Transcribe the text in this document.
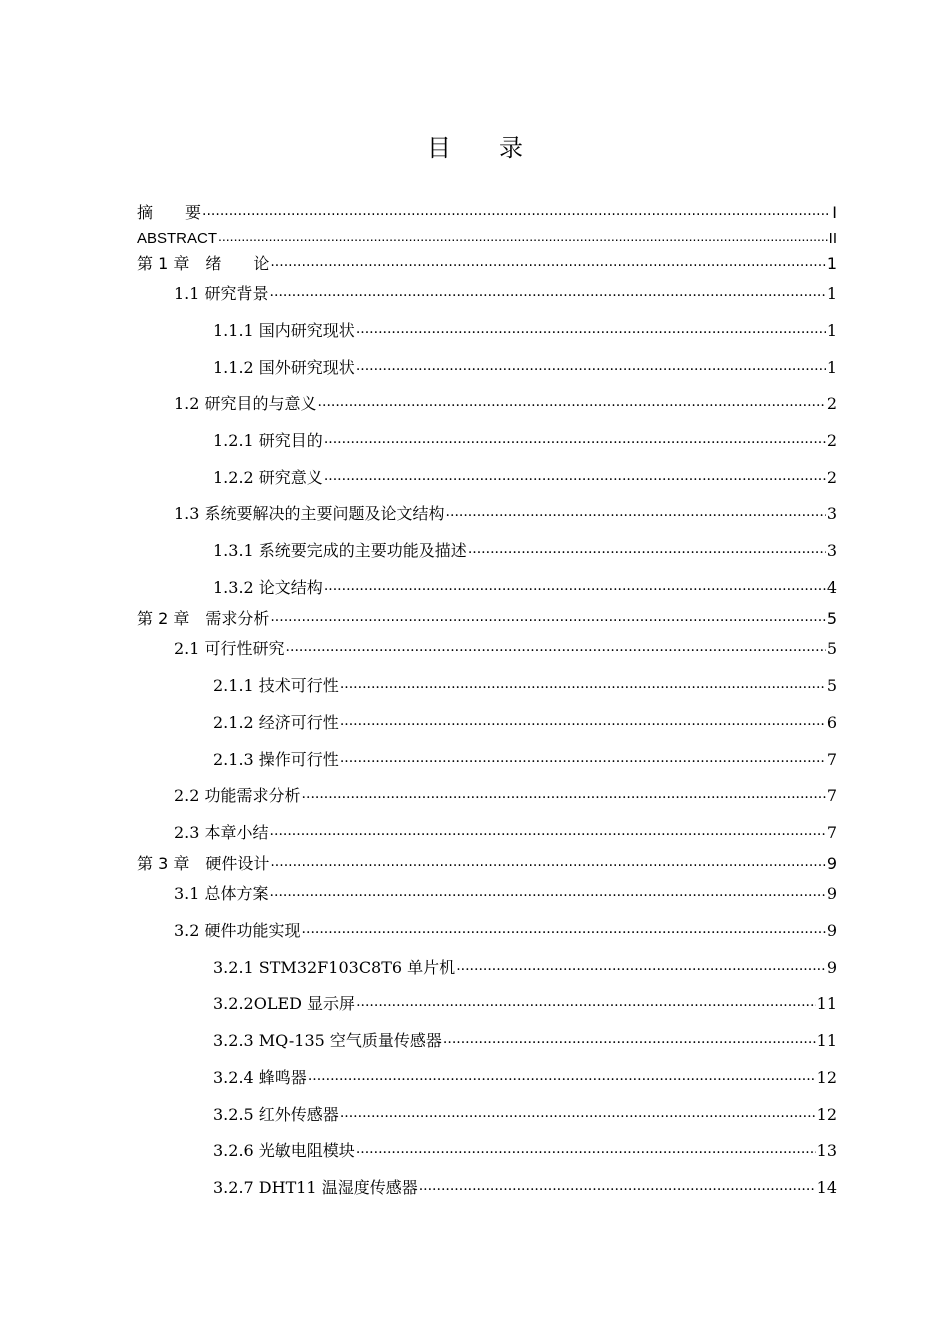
目 录
摘　　要 .....	I
ABSTRACT .....	II
第 1 章　绪　　论 .....	1
1.1 研究背景 .....	1
1.1.1 国内研究现状 .....	1
1.1.2 国外研究现状 .....	1
1.2 研究目的与意义 .....	2
1.2.1 研究目的 .....	2
1.2.2 研究意义 .....	2
1.3 系统要解决的主要问题及论文结构 .....	3
1.3.1 系统要完成的主要功能及描述 .....	3
1.3.2 论文结构 .....	4
第 2 章　需求分析 .....	5
2.1 可行性研究 .....	5
2.1.1 技术可行性 .....	5
2.1.2 经济可行性 .....	6
2.1.3 操作可行性 .....	7
2.2 功能需求分析 .....	7
2.3 本章小结 .....	7
第 3 章　硬件设计 .....	9
3.1 总体方案 .....	9
3.2 硬件功能实现 .....	9
3.2.1 STM32F103C8T6 单片机 .....	9
3.2.2OLED 显示屏 .....	11
3.2.3 MQ-135 空气质量传感器 .....	11
3.2.4 蜂鸣器 .....	12
3.2.5 红外传感器 .....	12
3.2.6 光敏电阻模块 .....	13
3.2.7 DHT11 温湿度传感器 .....	14
